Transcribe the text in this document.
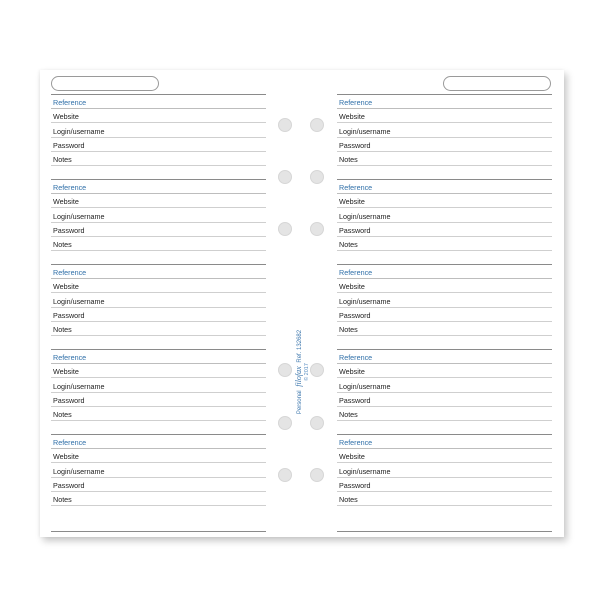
Reference
Website
Login/username
Password
Notes
Reference
Website
Login/username
Password
Notes
Reference
Website
Login/username
Password
Notes
Reference
Website
Login/username
Password
Notes
Reference
Website
Login/username
Password
Notes
Reference
Website
Login/username
Password
Notes
Reference
Website
Login/username
Password
Notes
Reference
Website
Login/username
Password
Notes
Reference
Website
Login/username
Password
Notes
Reference
Website
Login/username
Password
Notes
Personal filofax Ref. 132682
© 2017
